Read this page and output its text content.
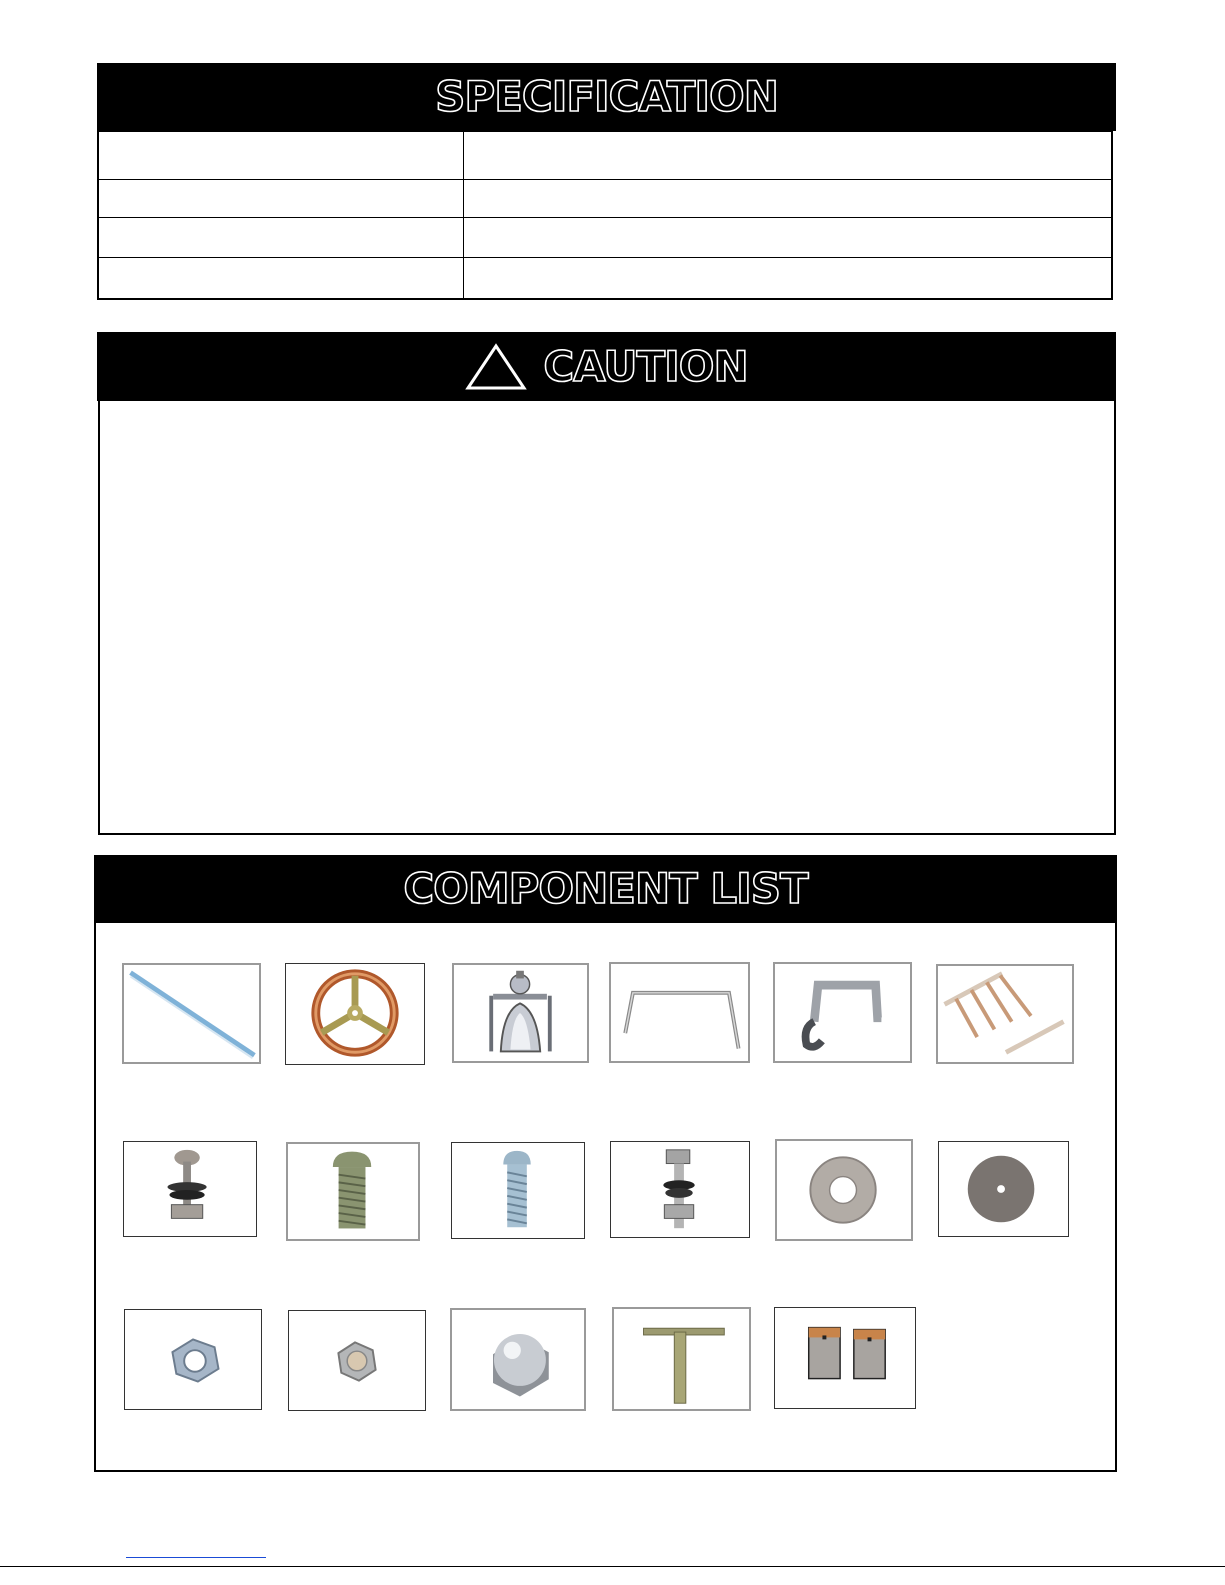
SPECIFICATION

CAUTION
COMPONENT LIST
